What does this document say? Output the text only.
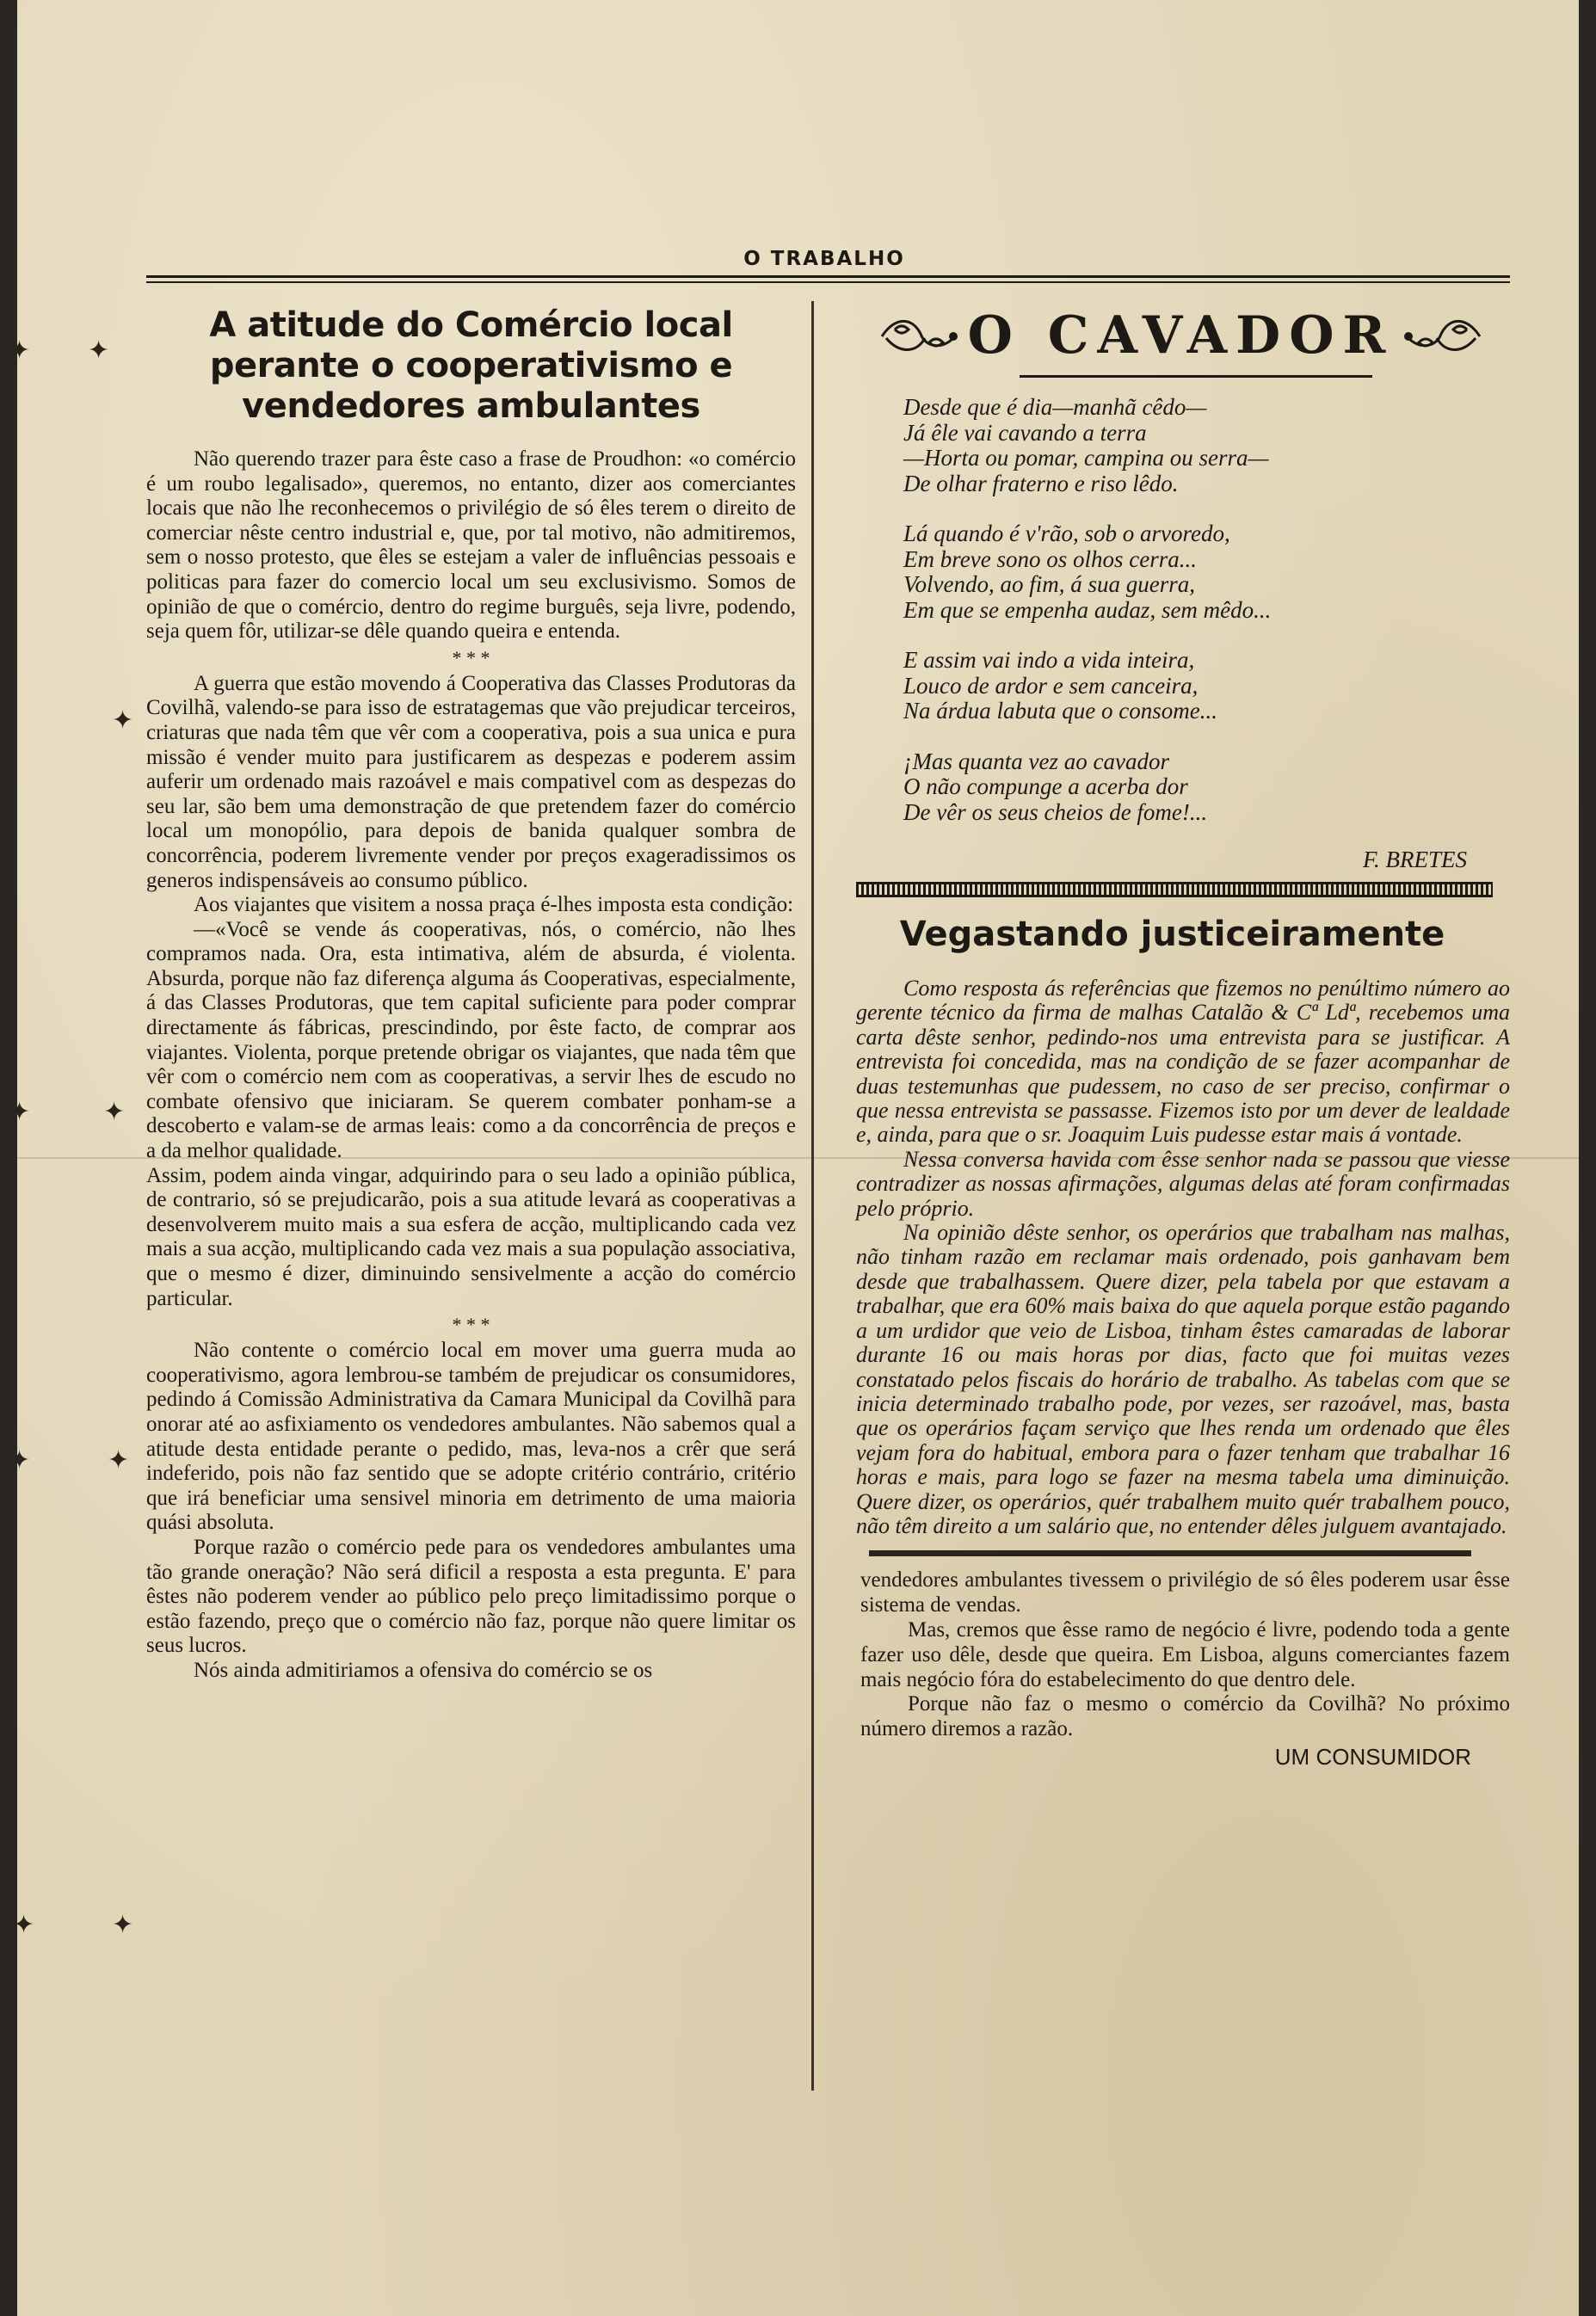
O TRABALHO
✦ ✦
✦
✦	✦
✦	✦
✦	✦
A atitude do Comércio local perante o cooperativismo e vendedores ambulantes

Não querendo trazer para êste caso a frase de Proudhon: «o comércio é um roubo legalisado», queremos, no entanto, dizer aos comerciantes locais que não lhe reconhecemos o privilégio de só êles terem o direito de comerciar nêste centro industrial e, que, por tal motivo, não admitiremos, sem o nosso protesto, que êles se estejam a valer de influências pessoais e politicas para fazer do comercio local um seu exclusivismo. Somos de opinião de que o comércio, dentro do regime burguês, seja livre, podendo, seja quem fôr, utilizar-se dêle quando queira e entenda.

* * *

A guerra que estão movendo á Cooperativa das Classes Produtoras da Covilhã, valendo-se para isso de estratagemas que vão prejudicar terceiros, criaturas que nada têm que vêr com a cooperativa, pois a sua unica e pura missão é vender muito para justificarem as despezas e poderem assim auferir um ordenado mais razoável e mais compativel com as despezas do seu lar, são bem uma demonstração de que pretendem fazer do comércio local um monopólio, para depois de banida qualquer sombra de concorrência, poderem livremente vender por preços exageradissimos os generos indispensáveis ao consumo público.

Aos viajantes que visitem a nossa praça é-lhes imposta esta condição:

—«Você se vende ás cooperativas, nós, o comércio, não lhes compramos nada. Ora, esta intimativa, além de absurda, é violenta. Absurda, porque não faz diferença alguma ás Cooperativas, especialmente, á das Classes Produtoras, que tem capital suficiente para poder comprar directamente ás fábricas, prescindindo, por êste facto, de comprar aos viajantes. Violenta, porque pretende obrigar os viajantes, que nada têm que vêr com o comércio nem com as cooperativas, a servir lhes de escudo no combate ofensivo que iniciaram. Se querem combater ponham-se a descoberto e valam-se de armas leais: como a da concorrência de preços e a da melhor qualidade.

Assim, podem ainda vingar, adquirindo para o seu lado a opinião pública, de contrario, só se prejudicarão, pois a sua atitude levará as cooperativas a desenvolverem muito mais a sua esfera de acção, multiplicando cada vez mais a sua acção, multiplicando cada vez mais a sua população associativa, que o mesmo é dizer, diminuindo sensivelmente a acção do comércio particular.

* * *

Não contente o comércio local em mover uma guerra muda ao cooperativismo, agora lembrou-se também de prejudicar os consumidores, pedindo á Comissão Administrativa da Camara Municipal da Covilhã para onorar até ao asfixiamento os vendedores ambulantes. Não sabemos qual a atitude desta entidade perante o pedido, mas, leva-nos a crêr que será indeferido, pois não faz sentido que se adopte critério contrário, critério que irá beneficiar uma sensivel minoria em detrimento de uma maioria quási absoluta.

Porque razão o comércio pede para os vendedores ambulantes uma tão grande oneração? Não será dificil a resposta a esta pregunta. E' para êstes não poderem vender ao público pelo preço limitadissimo porque o estão fazendo, preço que o comércio não faz, porque não quere limitar os seus lucros.

Nós ainda admitiriamos a ofensiva do comércio se os

O CAVADOR
Desde que é dia—manhã cêdo—
Já êle vai cavando a terra
—Horta ou pomar, campina ou serra—
De olhar fraterno e riso lêdo.
Lá quando é v'rão, sob o arvoredo,
Em breve sono os olhos cerra...
Volvendo, ao fim, á sua guerra,
Em que se empenha audaz, sem mêdo...
E assim vai indo a vida inteira,
Louco de ardor e sem canceira,
Na árdua labuta que o consome...
¡Mas quanta vez ao cavador
O não compunge a acerba dor
De vêr os seus cheios de fome!...
F. BRETES
Vegastando justiceiramente

Como resposta ás referências que fizemos no penúltimo número ao gerente técnico da firma de malhas Catalão & Cª Ldª, recebemos uma carta dêste senhor, pedindo-nos uma entrevista para se justificar. A entrevista foi concedida, mas na condição de se fazer acompanhar de duas testemunhas que pudessem, no caso de ser preciso, confirmar o que nessa entrevista se passasse. Fizemos isto por um dever de lealdade e, ainda, para que o sr. Joaquim Luis pudesse estar mais á vontade.

Nessa conversa havida com êsse senhor nada se passou que viesse contradizer as nossas afirmações, algumas delas até foram confirmadas pelo próprio.

Na opinião dêste senhor, os operários que trabalham nas malhas, não tinham razão em reclamar mais ordenado, pois ganhavam bem desde que trabalhassem. Quere dizer, pela tabela por que estavam a trabalhar, que era 60% mais baixa do que aquela porque estão pagando a um urdidor que veio de Lisboa, tinham êstes camaradas de laborar durante 16 ou mais horas por dias, facto que foi muitas vezes constatado pelos fiscais do horário de trabalho. As tabelas com que se inicia determinado trabalho pode, por vezes, ser razoável, mas, basta que os operários façam serviço que lhes renda um ordenado que êles vejam fora do habitual, embora para o fazer tenham que trabalhar 16 horas e mais, para logo se fazer na mesma tabela uma diminuição. Quere dizer, os operários, quér trabalhem muito quér trabalhem pouco, não têm direito a um salário que, no entender dêles julguem avantajado.

vendedores ambulantes tivessem o privilégio de só êles poderem usar êsse sistema de vendas.

Mas, cremos que êsse ramo de negócio é livre, podendo toda a gente fazer uso dêle, desde que queira. Em Lisboa, alguns comerciantes fazem mais negócio fóra do estabelecimento do que dentro dele.

Porque não faz o mesmo o comércio da Covilhã? No próximo número diremos a razão.

UM CONSUMIDOR
